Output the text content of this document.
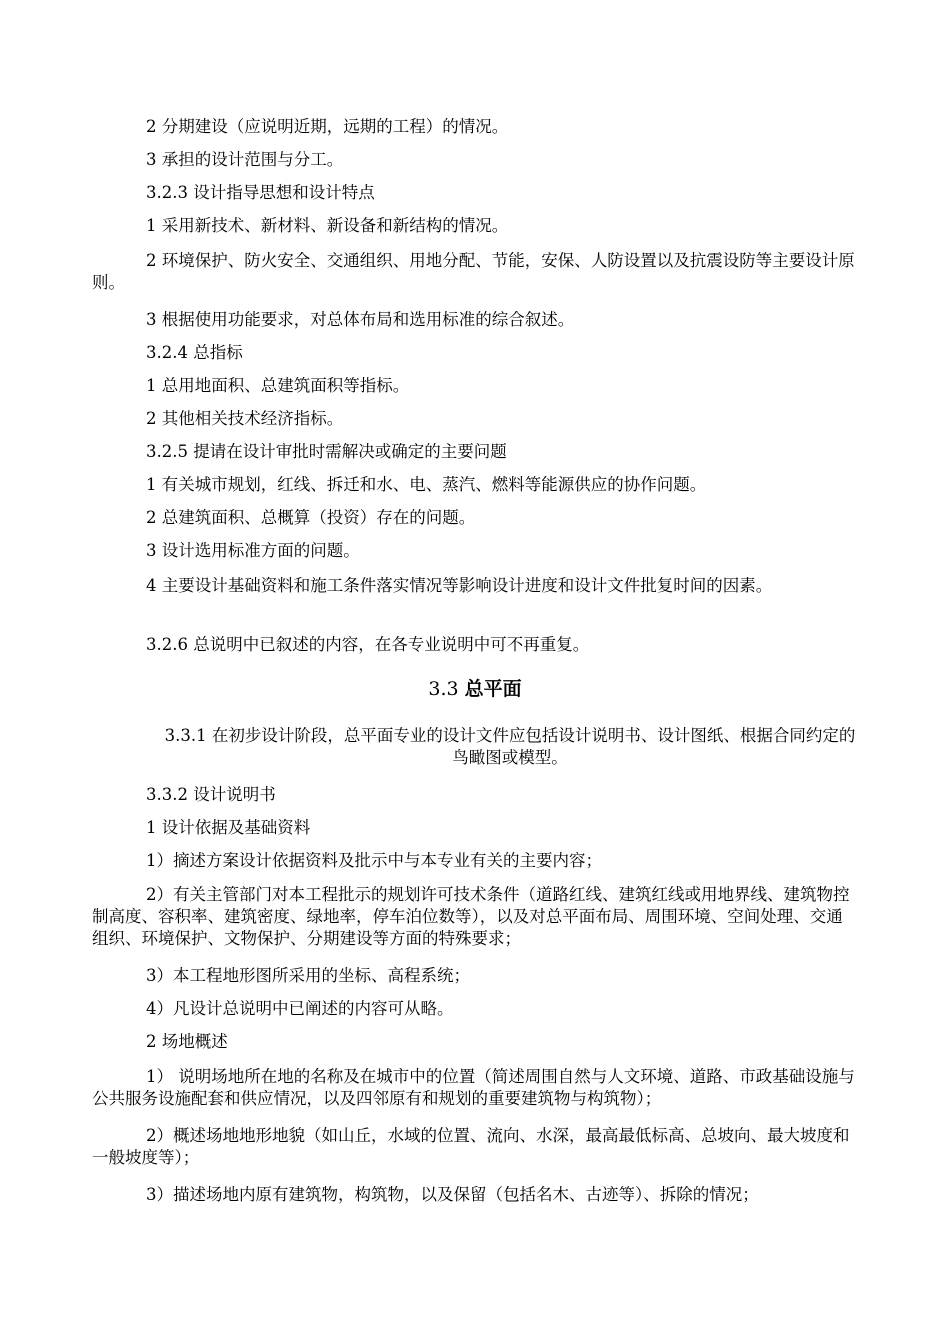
2 分期建设（应说明近期，远期的工程）的情况。

3 承担的设计范围与分工。

3.2.3 设计指导思想和设计特点

1 采用新技术、新材料、新设备和新结构的情况。

2 环境保护、防火安全、交通组织、用地分配、节能，安保、人防设置以及抗震设防等主要设计原则。

3 根据使用功能要求，对总体布局和选用标准的综合叙述。

3.2.4 总指标

1 总用地面积、总建筑面积等指标。

2 其他相关技术经济指标。

3.2.5 提请在设计审批时需解决或确定的主要问题

1 有关城市规划，红线、拆迁和水、电、蒸汽、燃料等能源供应的协作问题。

2 总建筑面积、总概算（投资）存在的问题。

3 设计选用标准方面的问题。

4 主要设计基础资料和施工条件落实情况等影响设计进度和设计文件批复时间的因素。

3.2.6 总说明中已叙述的内容，在各专业说明中可不再重复。

3.3 总平面

3.3.1 在初步设计阶段，总平面专业的设计文件应包括设计说明书、设计图纸、根据合同约定的鸟瞰图或模型。

3.3.2 设计说明书

1 设计依据及基础资料

1）摘述方案设计依据资料及批示中与本专业有关的主要内容；

2）有关主管部门对本工程批示的规划许可技术条件（道路红线、建筑红线或用地界线、建筑物控制高度、容积率、建筑密度、绿地率，停车泊位数等），以及对总平面布局、周围环境、空间处理、交通组织、环境保护、文物保护、分期建设等方面的特殊要求；

3）本工程地形图所采用的坐标、高程系统；

4）凡设计总说明中已阐述的内容可从略。

2 场地概述

1） 说明场地所在地的名称及在城市中的位置（简述周围自然与人文环境、道路、市政基础设施与公共服务设施配套和供应情况，以及四邻原有和规划的重要建筑物与构筑物）；

2）概述场地地形地貌（如山丘，水域的位置、流向、水深，最高最低标高、总坡向、最大坡度和一般坡度等）；

3）描述场地内原有建筑物，构筑物，以及保留（包括名木、古迹等）、拆除的情况；
